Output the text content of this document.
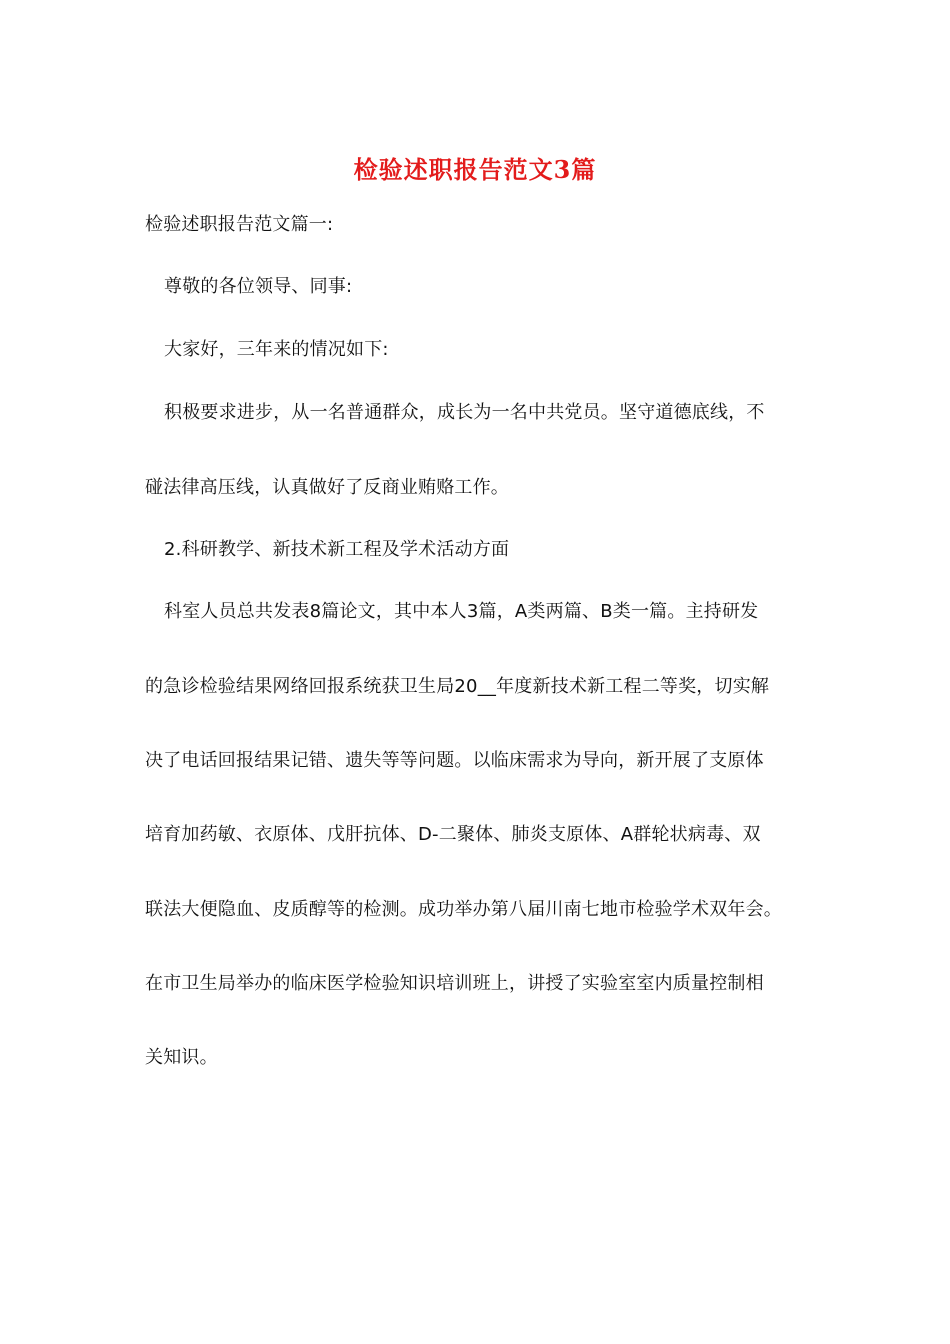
检验述职报告范文3篇
检验述职报告范文篇一:
尊敬的各位领导、同事:
大家好，三年来的情况如下:
积极要求进步，从一名普通群众，成长为一名中共党员。坚守道德底线，不
碰法律高压线，认真做好了反商业贿赂工作。
2.科研教学、新技术新工程及学术活动方面
科室人员总共发表8篇论文，其中本人3篇，A类两篇、B类一篇。主持研发
的急诊检验结果网络回报系统获卫生局20__年度新技术新工程二等奖，切实解
决了电话回报结果记错、遗失等等问题。以临床需求为导向，新开展了支原体
培育加药敏、衣原体、戊肝抗体、D-二聚体、肺炎支原体、A群轮状病毒、双
联法大便隐血、皮质醇等的检测。成功举办第八届川南七地市检验学术双年会。
在市卫生局举办的临床医学检验知识培训班上，讲授了实验室室内质量控制相
关知识。
